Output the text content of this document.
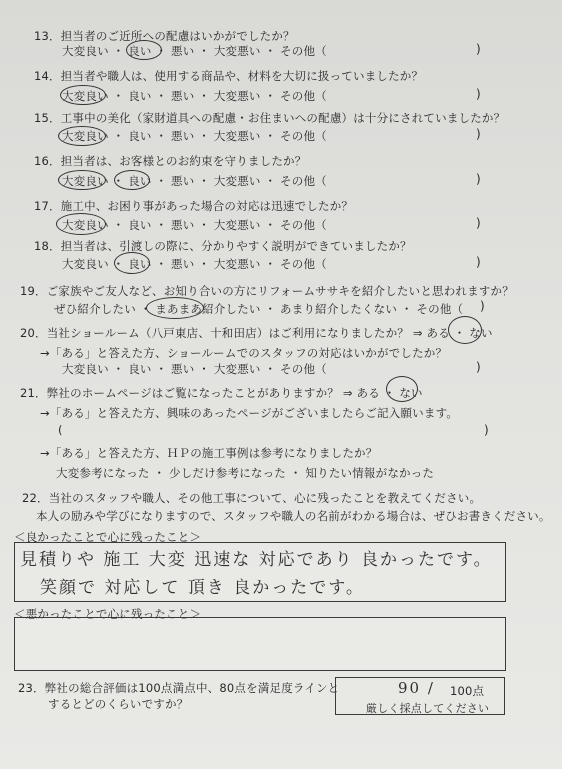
13．担当者のご近所への配慮はいかがでしたか？
大変良い ・ 良い ・ 悪い ・ 大変悪い ・ その他（	)
14．担当者や職人は、使用する商品や、材料を大切に扱っていましたか？
大変良い ・ 良い ・ 悪い ・ 大変悪い ・ その他（	)
15．工事中の美化（家財道具への配慮・お住まいへの配慮）は十分にされていましたか？
大変良い ・ 良い ・ 悪い ・ 大変悪い ・ その他（	)
16．担当者は、お客様とのお約束を守りましたか？
大変良い ・ 良い ・ 悪い ・ 大変悪い ・ その他（	)
17．施工中、お困り事があった場合の対応は迅速でしたか？
大変良い ・ 良い ・ 悪い ・ 大変悪い ・ その他（	)
18．担当者は、引渡しの際に、分かりやすく説明ができていましたか？
大変良い ・ 良い ・ 悪い ・ 大変悪い ・ その他（	)
19．ご家族やご友人など、お知り合いの方にリフォームササキを紹介したいと思われますか？
ぜひ紹介したい ・ まあまあ紹介したい ・ あまり紹介したくない ・ その他（ )
20．当社ショールーム（八戸東店、十和田店）はご利用になりましたか？ ⇒ ある ・ ない
→「ある」と答えた方、ショールームでのスタッフの対応はいかがでしたか？
大変良い ・ 良い ・ 悪い ・ 大変悪い ・ その他（	)
21．弊社のホームページはご覧になったことがありますか？ ⇒ ある ・ ない
→「ある」と答えた方、興味のあったページがございましたらご記入願います。
(	)
→「ある」と答えた方、ＨＰの施工事例は参考になりましたか？
大変参考になった ・ 少しだけ参考になった ・ 知りたい情報がなかった
22．当社のスタッフや職人、その他工事について、心に残ったことを教えてください。
本人の励みや学びになりますので、スタッフや職人の名前がわかる場合は、ぜひお書きください。
＜良かったことで心に残ったこと＞
見積りや 施工 大変 迅速な 対応であり 良かったです。
笑顔で 対応して 頂き 良かったです。
＜悪かったことで心に残ったこと＞
23．弊社の総合評価は100点満点中、80点を満足度ラインと
するとどのくらいですか？
90 / 100点
厳しく採点してください
